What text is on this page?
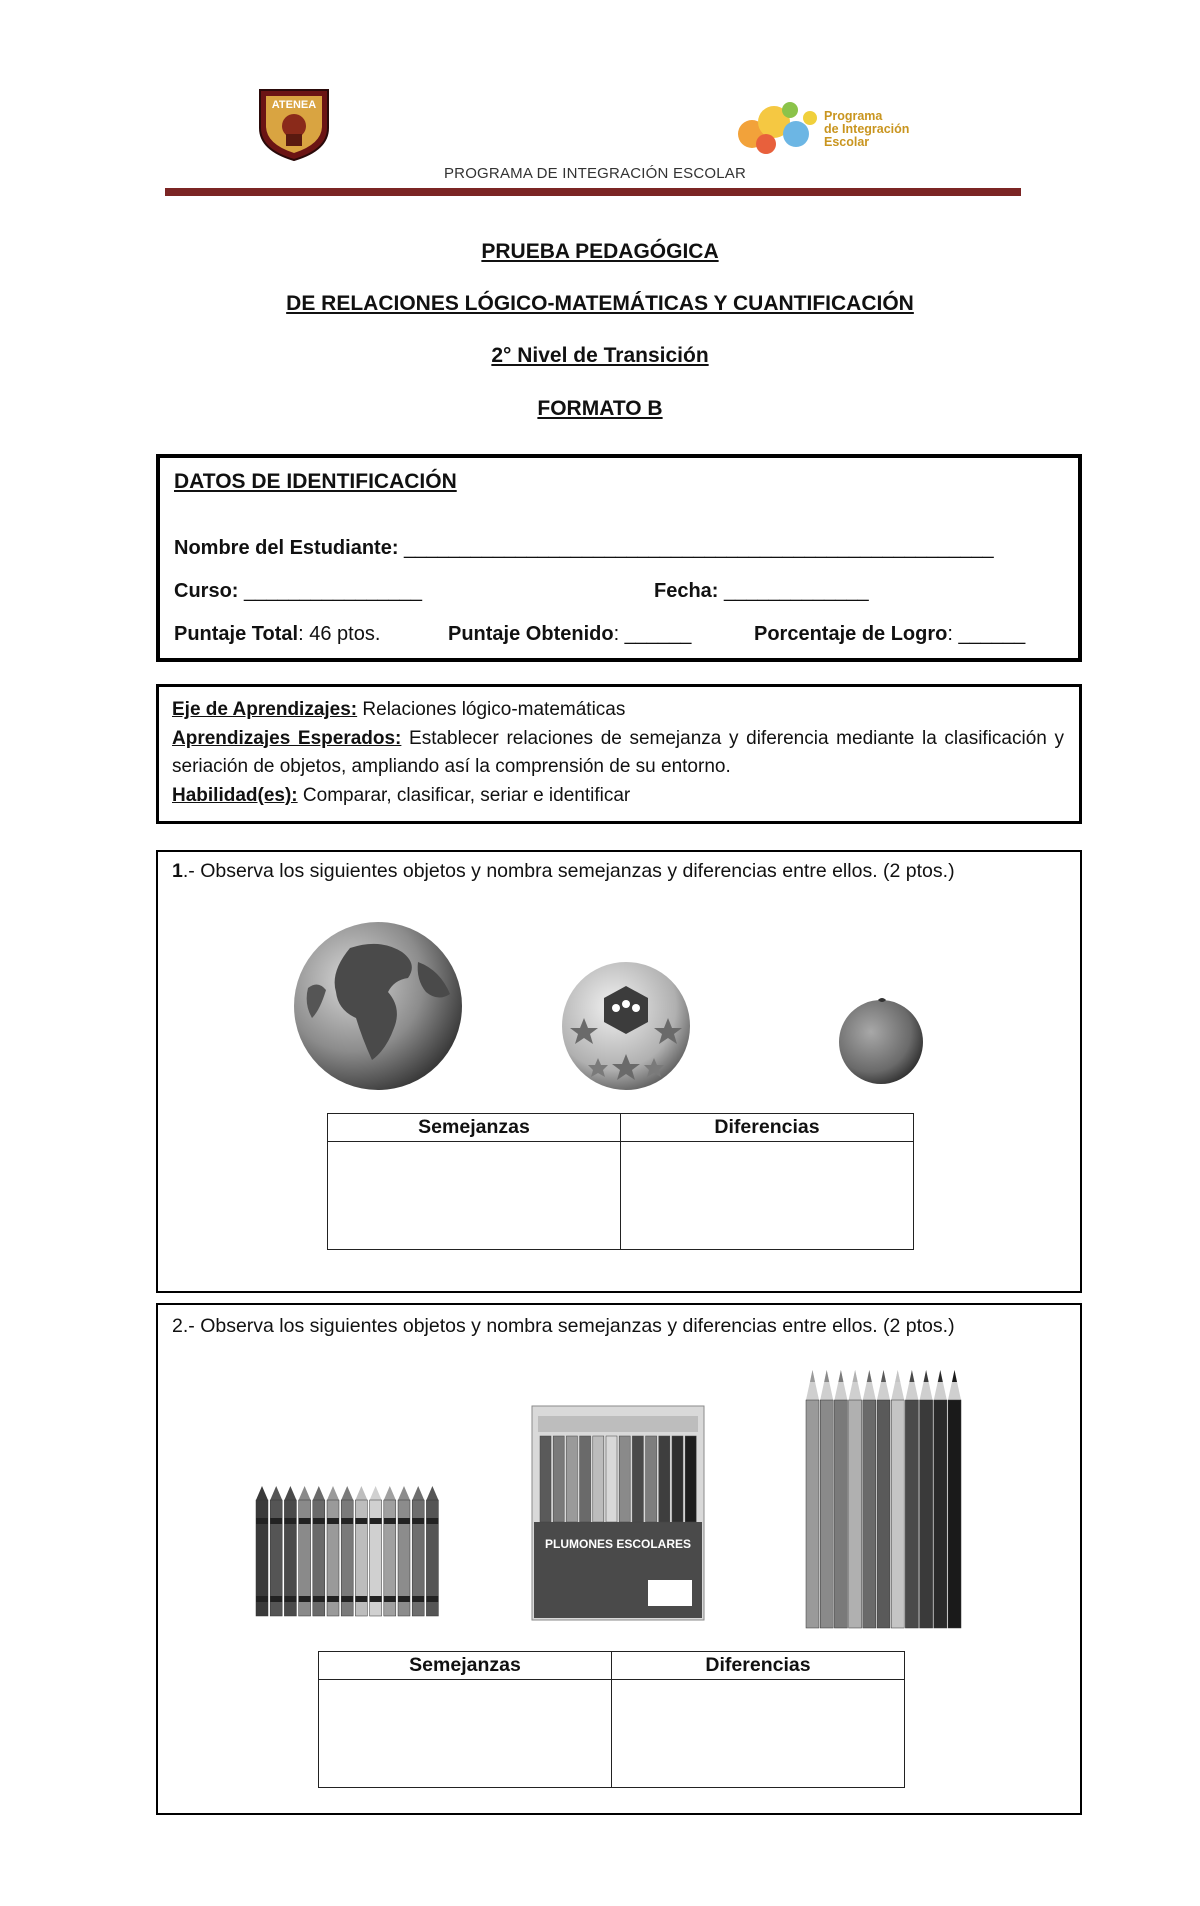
ATENEA
Programa
de Integración
Escolar
PROGRAMA DE INTEGRACIÓN ESCOLAR
PRUEBA PEDAGÓGICA
DE RELACIONES LÓGICO-MATEMÁTICAS Y CUANTIFICACIÓN
2° Nivel de Transición
FORMATO B
DATOS DE IDENTIFICACIÓN
Nombre del Estudiante: _____________________________________________________
Curso: ________________	Fecha: _____________
Puntaje Total: 46 ptos.	Puntaje Obtenido: ______	Porcentaje de Logro: ______
Eje de Aprendizajes: Relaciones lógico-matemáticas
Aprendizajes Esperados: Establecer relaciones de semejanza y diferencia mediante la clasificación y seriación de objetos, ampliando así la comprensión de su entorno.
Habilidad(es): Comparar, clasificar, seriar e identificar
1.- Observa los siguientes objetos y nombra semejanzas y diferencias entre ellos. (2 ptos.)
Semejanzas	Diferencias

2.- Observa los siguientes objetos y nombra semejanzas y diferencias entre ellos. (2 ptos.)
PLUMONES ESCOLARES
Semejanzas	Diferencias
